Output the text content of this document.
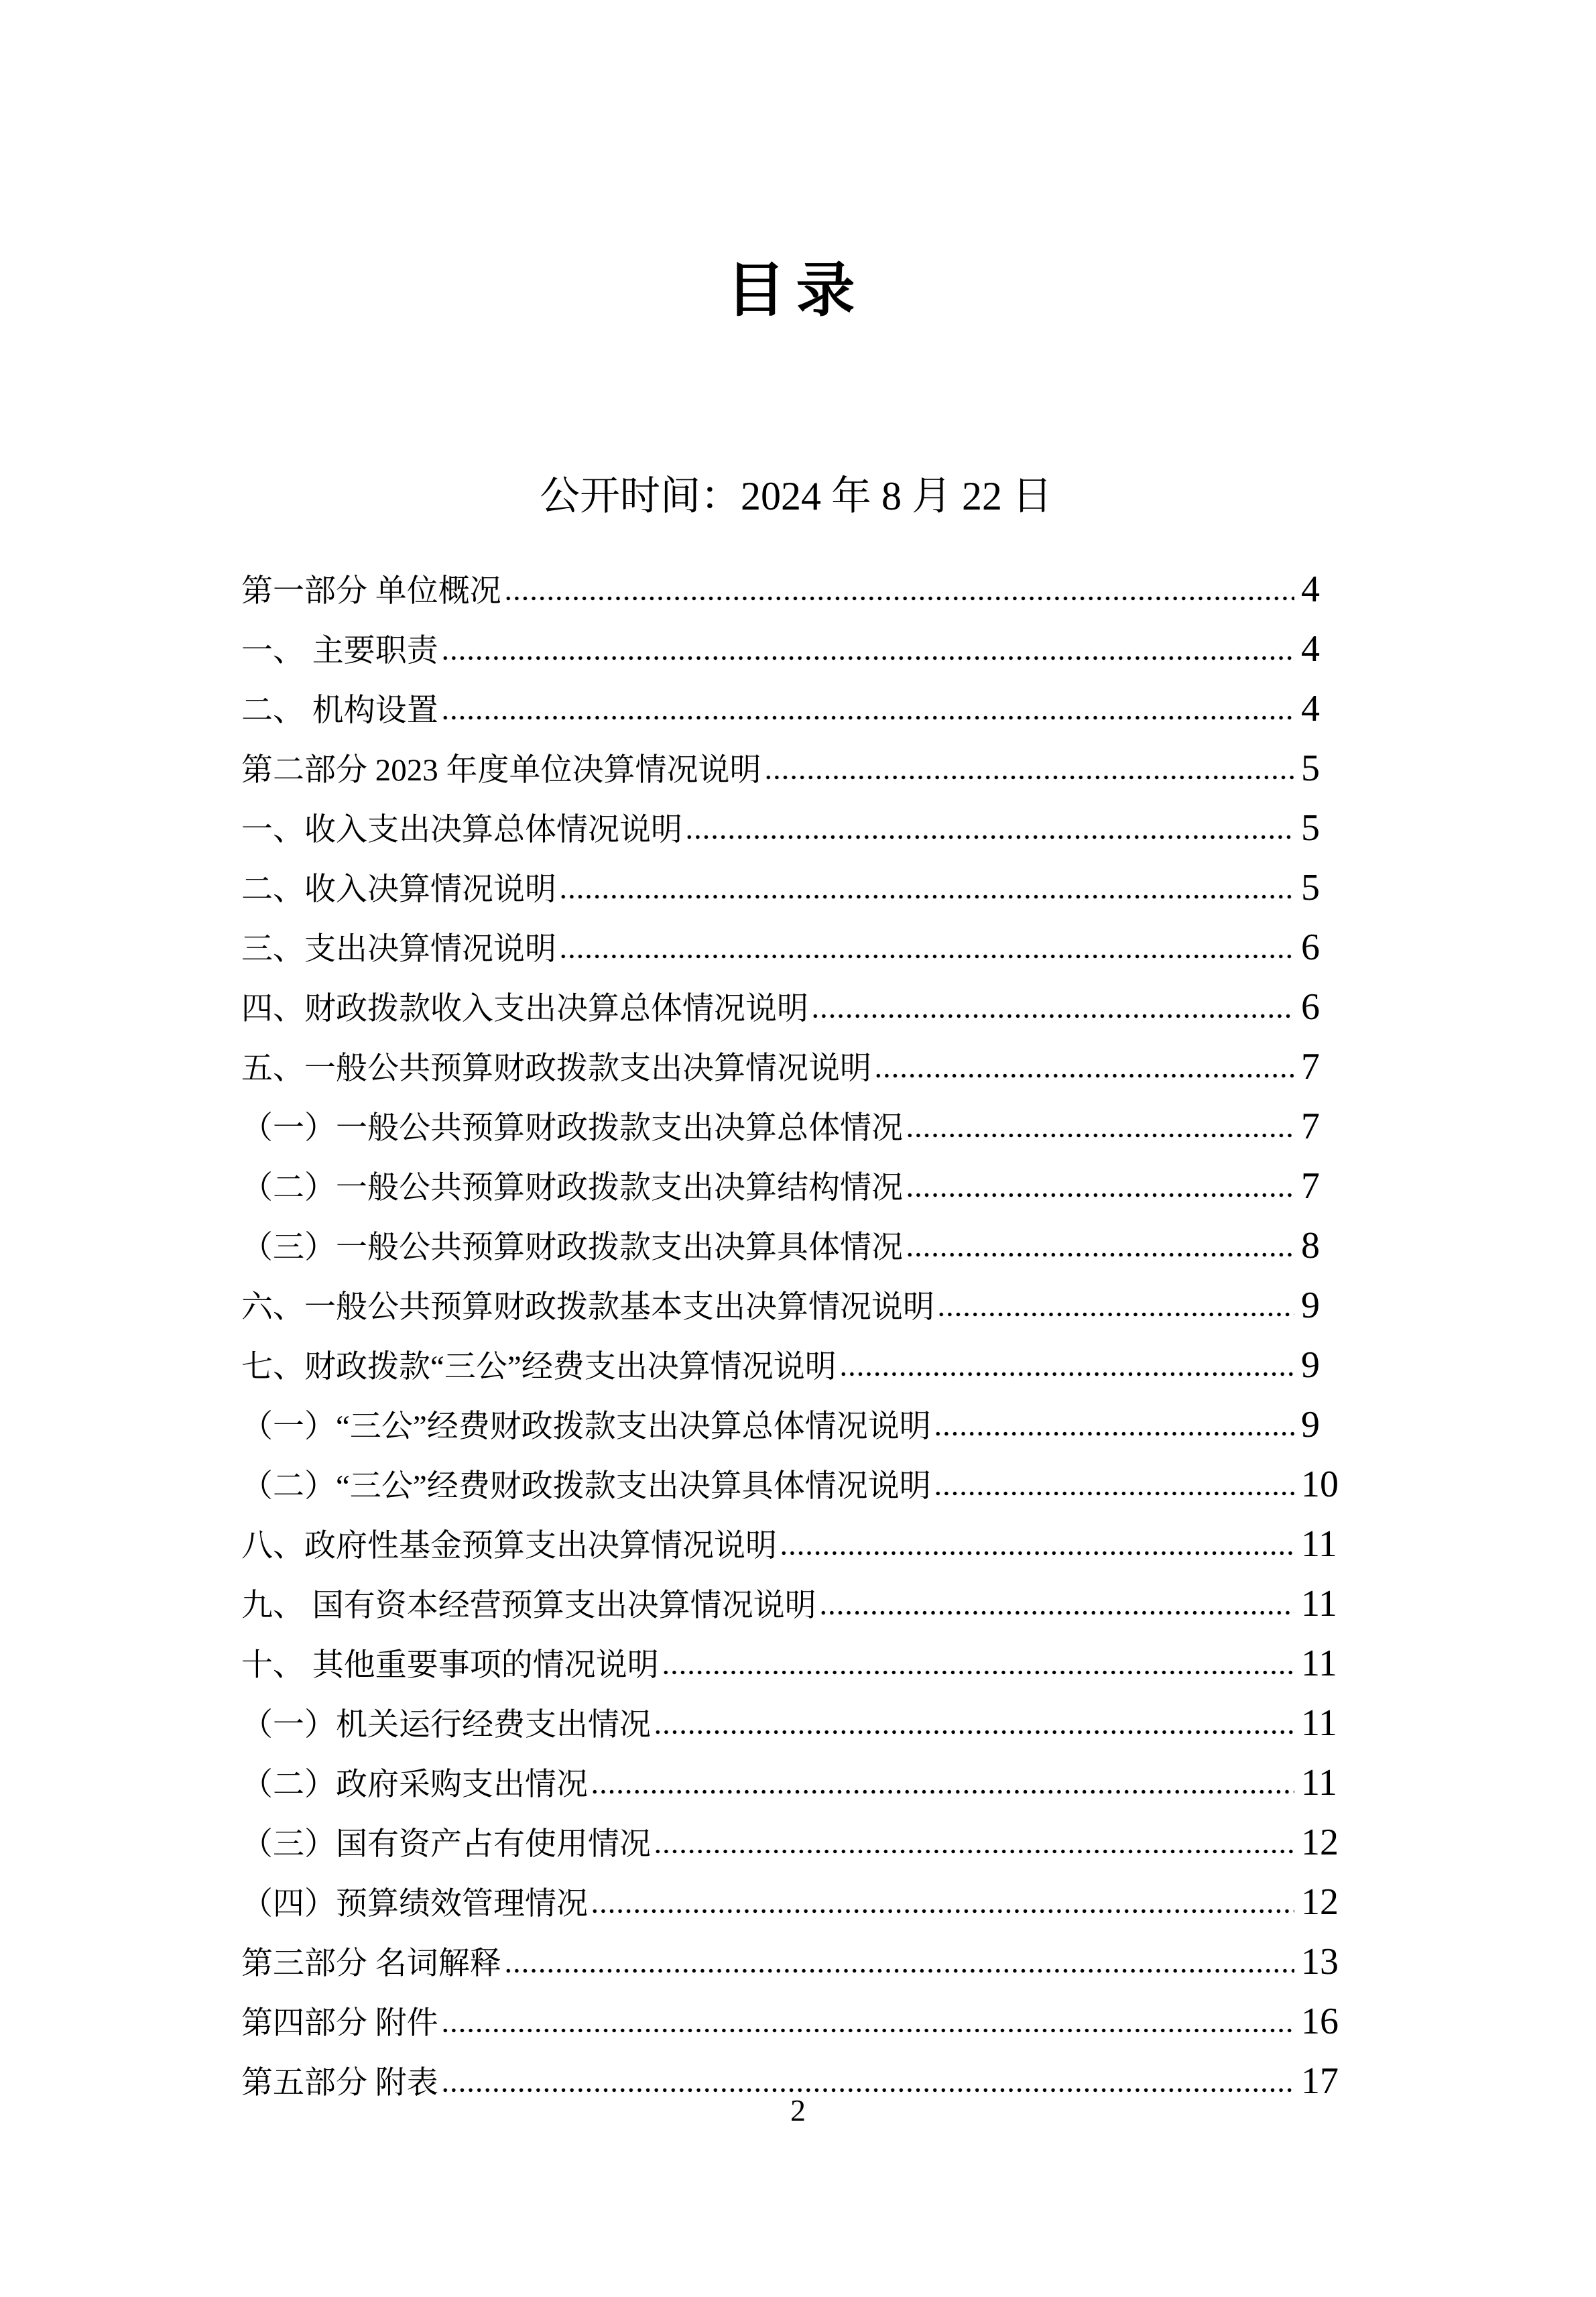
目录

公开时间：2024 年 8 月 22 日

第一部分 单位概况	4
一、 主要职责	4
二、 机构设置	4
第二部分 2023 年度单位决算情况说明	5
一、收入支出决算总体情况说明	5
二、收入决算情况说明	5
三、支出决算情况说明	6
四、财政拨款收入支出决算总体情况说明	6
五、一般公共预算财政拨款支出决算情况说明	7
（一）一般公共预算财政拨款支出决算总体情况	7
（二）一般公共预算财政拨款支出决算结构情况	7
（三）一般公共预算财政拨款支出决算具体情况	8
六、一般公共预算财政拨款基本支出决算情况说明	9
七、财政拨款“三公”经费支出决算情况说明	9
（一）“三公”经费财政拨款支出决算总体情况说明	9
（二）“三公”经费财政拨款支出决算具体情况说明	10
八、政府性基金预算支出决算情况说明	11
九、 国有资本经营预算支出决算情况说明	11
十、 其他重要事项的情况说明	11
（一）机关运行经费支出情况	11
（二）政府采购支出情况	11
（三）国有资产占有使用情况	12
（四）预算绩效管理情况	12
第三部分 名词解释	13
第四部分 附件	16
第五部分 附表	17
2
